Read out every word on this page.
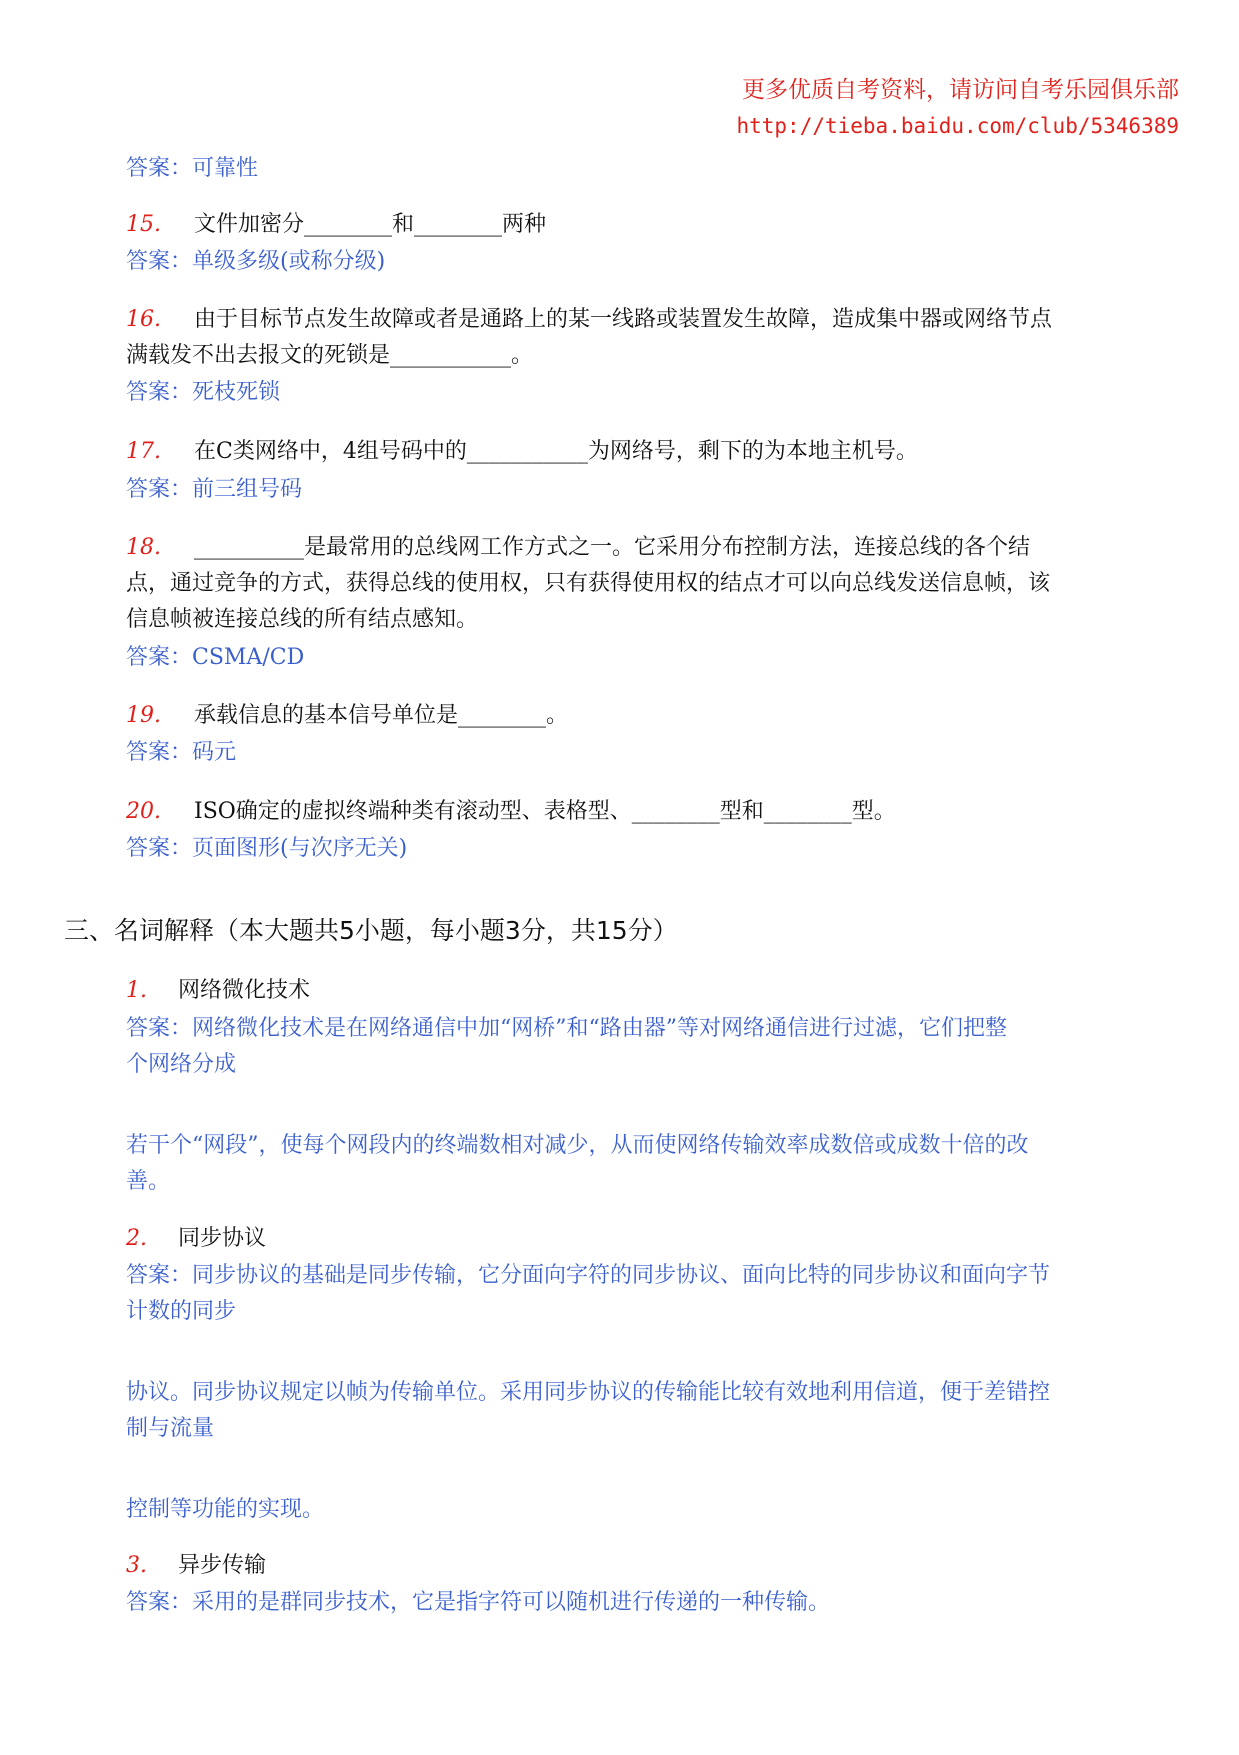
更多优质自考资料，请访问自考乐园俱乐部
http://tieba.baidu.com/club/5346389
答案：可靠性
15. 文件加密分________和________两种
答案：单级多级(或称分级)
16. 由于目标节点发生故障或者是通路上的某一线路或装置发生故障，造成集中器或网络节点
满载发不出去报文的死锁是___________。
答案：死枝死锁
17. 在C类网络中，4组号码中的___________为网络号，剩下的为本地主机号。
答案：前三组号码
18. __________是最常用的总线网工作方式之一。它采用分布控制方法，连接总线的各个结
点，通过竞争的方式，获得总线的使用权，只有获得使用权的结点才可以向总线发送信息帧，该
信息帧被连接总线的所有结点感知。
答案：CSMA/CD
19. 承载信息的基本信号单位是________。
答案：码元
20. ISO确定的虚拟终端种类有滚动型、表格型、________型和________型。
答案：页面图形(与次序无关)
三、名词解释（本大题共5小题，每小题3分，共15分）
1. 网络微化技术
答案：网络微化技术是在网络通信中加“网桥”和“路由器”等对网络通信进行过滤，它们把整
个网络分成
若干个“网段”，使每个网段内的终端数相对减少，从而使网络传输效率成数倍或成数十倍的改
善。
2. 同步协议
答案：同步协议的基础是同步传输，它分面向字符的同步协议、面向比特的同步协议和面向字节
计数的同步
协议。同步协议规定以帧为传输单位。采用同步协议的传输能比较有效地利用信道，便于差错控
制与流量
控制等功能的实现。
3. 异步传输
答案：采用的是群同步技术，它是指字符可以随机进行传递的一种传输。
